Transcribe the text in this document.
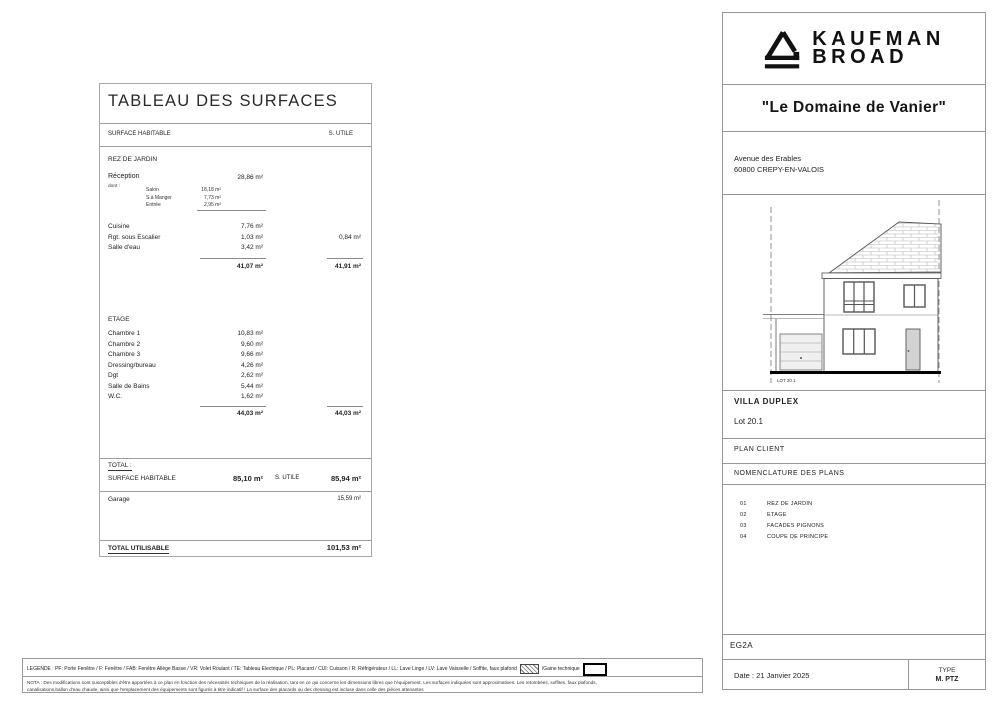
TABLEAU DES SURFACES
SURFACE HABITABLE	S. UTILE
REZ DE JARDIN
Réception	28,86 m²
dont :
Salon	18,18 m²
S.à Manger	7,73 m²
Entrée	2,95 m²
Cuisine	7,76 m²
Rgt. sous Escalier	1,03 m²	0,84 m²
Salle d'eau	3,42 m²
41,07 m²	41,91 m²
ETAGE
Chambre 1	10,83 m²
Chambre 2	9,60 m²
Chambre 3	9,66 m²
Dressing/bureau	4,26 m²
Dgt	2,62 m²
Salle de Bains	5,44 m²
W.C.	1,62 m²
44,03 m²	44,03 m²
TOTAL :
SURFACE HABITABLE	85,10 m² S. UTILE	85,94 m²
Garage	15,59 m²
TOTAL UTILISABLE	101,53 m²
KAUFMAN
BROAD
"Le Domaine de Vanier"
Avenue des Erables
60800 CREPY-EN-VALOIS
LOT 20.1
VILLA DUPLEX
Lot 20.1
PLAN CLIENT
NOMENCLATURE DES PLANS
01	REZ DE JARDIN
02	ETAGE
03	FACADES PIGNONS
04	COUPE DE PRINCIPE
EG2A
Date : 21 Janvier 2025
TYPE
M. PTZ
LEGENDE : PF: Porte Fenêtre / F: Fenêtre / FAB: Fenêtre Allège Basse / VR: Volet Roulant / TE: Tableau Electrique / PL: Placard / CUI: Cuisson / R: Réfrigérateur / LL: Lave Linge / LV: Lave Vaisselle / Soffite, faux plafond	/Gaine technique
NOTA : Des modifications sont susceptibles d'être apportées à ce plan en fonction des nécessités techniques de la réalisation, tant en ce qui concerne les dimensions libres que l'équipement. Les surfaces indiquées sont approximatives. Les retombées, soffites, faux plafonds,
canalisations,ballon d'eau chaude, ainsi que l'emplacement des équipements sont figurés à titre indicatif / La surface des placards ou des dressing est incluse dans celle des pièces attenantes
